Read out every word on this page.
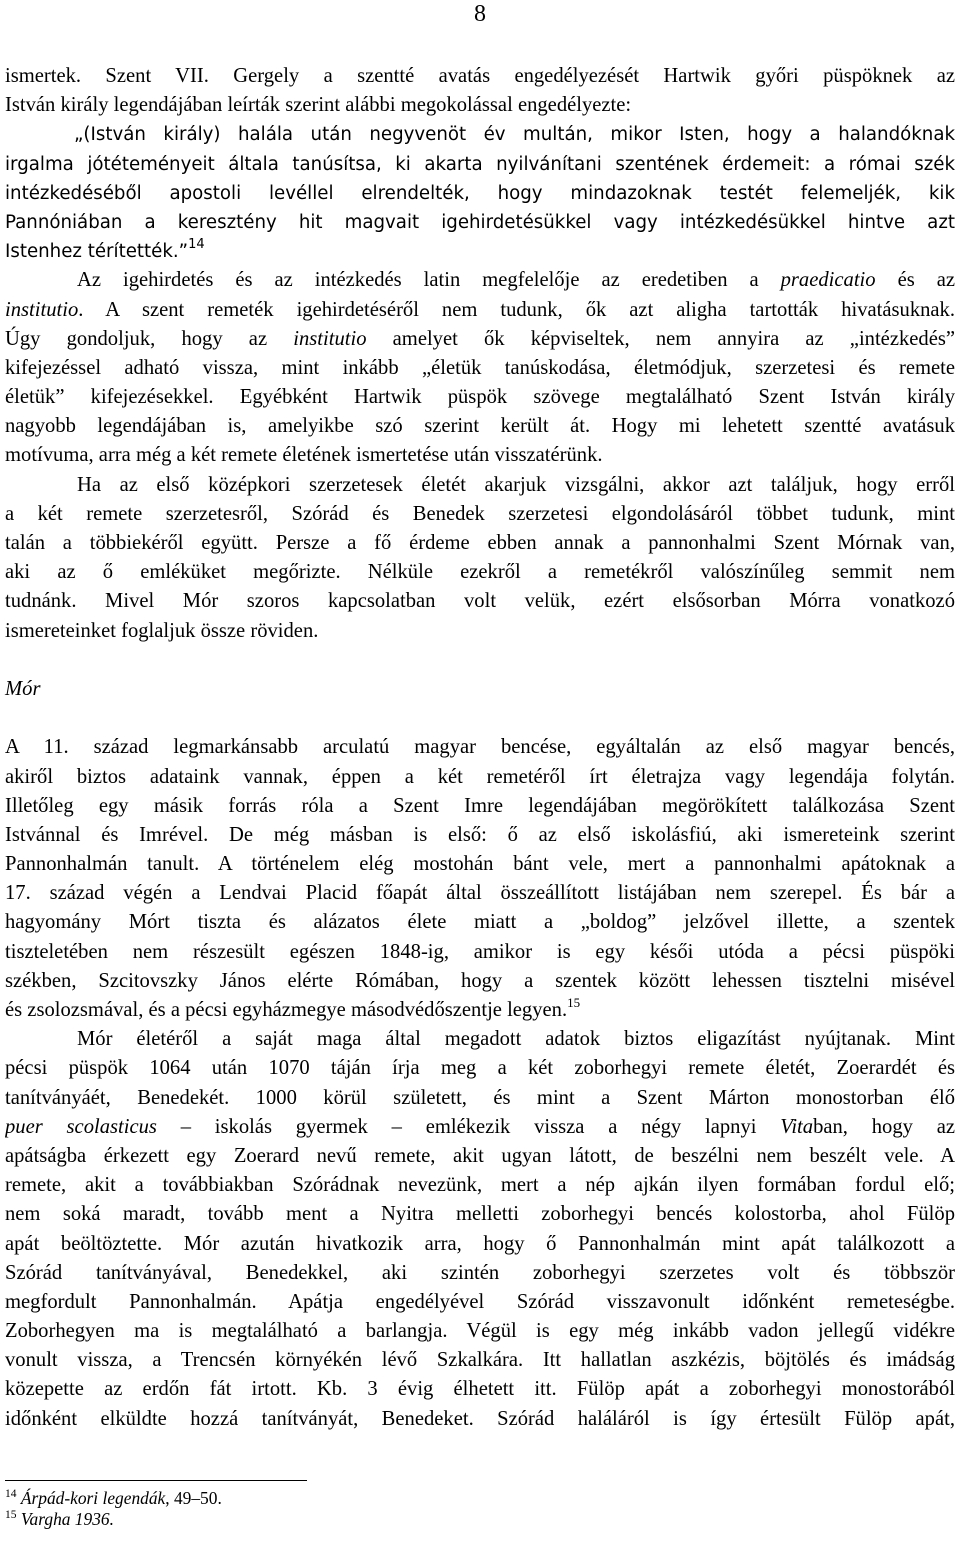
8
ismertek. Szent VII. Gergely a szentté avatás engedélyezését Hartwik győri püspöknek az
István király legendájában leírták szerint alábbi megokolással engedélyezte:
„(István király) halála után negyvenöt év multán, mikor Isten, hogy a halandóknak
irgalma jótéteményeit általa tanúsítsa, ki akarta nyilvánítani szentének érdemeit: a római szék
intézkedéséből apostoli levéllel elrendelték, hogy mindazoknak testét felemeljék, kik
Pannóniában a keresztény hit magvait igehirdetésükkel vagy intézkedésükkel hintve azt
Istenhez térítették.”$^{14}$
Az igehirdetés és az intézkedés latin megfelelője az eredetiben a praedicatio és az
institutio. A szent remeték igehirdetéséről nem tudunk, ők azt aligha tartották hivatásuknak.
Úgy gondoljuk, hogy az institutio amelyet ők képviseltek, nem annyira az „intézkedés”
kifejezéssel adható vissza, mint inkább „életük tanúskodása, életmódjuk, szerzetesi és remete
életük” kifejezésekkel. Egyébként Hartwik püspök szövege megtalálható Szent István király
nagyobb legendájában is, amelyikbe szó szerint került át. Hogy mi lehetett szentté avatásuk
motívuma, arra még a két remete életének ismertetése után visszatérünk.
Ha az első középkori szerzetesek életét akarjuk vizsgálni, akkor azt találjuk, hogy erről
a két remete szerzetesről, Szórád és Benedek szerzetesi elgondolásáról többet tudunk, mint
talán a többiekéről együtt. Persze a fő érdeme ebben annak a pannonhalmi Szent Mórnak van,
aki az ő emléküket megőrizte. Nélküle ezekről a remetékről valószínűleg semmit nem
tudnánk. Mivel Mór szoros kapcsolatban volt velük, ezért elsősorban Mórra vonatkozó
ismereteinket foglaljuk össze röviden.
Mór
A 11. század legmarkánsabb arculatú magyar bencése, egyáltalán az első magyar bencés,
akiről biztos adataink vannak, éppen a két remetéről írt életrajza vagy legendája folytán.
Illetőleg egy másik forrás róla a Szent Imre legendájában megörökített találkozása Szent
Istvánnal és Imrével. De még másban is első: ő az első iskolásfiú, aki ismereteink szerint
Pannonhalmán tanult. A történelem elég mostohán bánt vele, mert a pannonhalmi apátoknak a
17. század végén a Lendvai Placid főapát által összeállított listájában nem szerepel. És bár a
hagyomány Mórt tiszta és alázatos élete miatt a „boldog” jelzővel illette, a szentek
tiszteletében nem részesült egészen 1848-ig, amikor is egy késői utóda a pécsi püspöki
székben, Szcitovszky János elérte Rómában, hogy a szentek között lehessen tisztelni misével
és zsolozsmával, és a pécsi egyházmegye másodvédőszentje legyen.$^{15}$
Mór életéről a saját maga által megadott adatok biztos eligazítást nyújtanak. Mint
pécsi püspök 1064 után 1070 táján írja meg a két zoborhegyi remete életét, Zoerardét és
tanítványáét, Benedekét. 1000 körül született, és mint a Szent Márton monostorban élő
puer scolasticus – iskolás gyermek – emlékezik vissza a négy lapnyi Vitaban, hogy az
apátságba érkezett egy Zoerard nevű remete, akit ugyan látott, de beszélni nem beszélt vele. A
remete, akit a továbbiakban Szórádnak nevezünk, mert a nép ajkán ilyen formában fordul elő;
nem soká maradt, tovább ment a Nyitra melletti zoborhegyi bencés kolostorba, ahol Fülöp
apát beöltöztette. Mór azután hivatkozik arra, hogy ő Pannonhalmán mint apát találkozott a
Szórád tanítványával, Benedekkel, aki szintén zoborhegyi szerzetes volt és többször
megfordult Pannonhalmán. Apátja engedélyével Szórád visszavonult időnként remeteségbe.
Zoborhegyen ma is megtalálható a barlangja. Végül is egy még inkább vadon jellegű vidékre
vonult vissza, a Trencsén környékén lévő Szkalkára. Itt hallatlan aszkézis, böjtölés és imádság
közepette az erdőn fát irtott. Kb. 3 évig élhetett itt. Fülöp apát a zoborhegyi monostorából
időnként elküldte hozzá tanítványát, Benedeket. Szórád haláláról is így értesült Fülöp apát,
$^{14}$ Árpád-kori legendák, 49–50.
$^{15}$ Vargha 1936.
